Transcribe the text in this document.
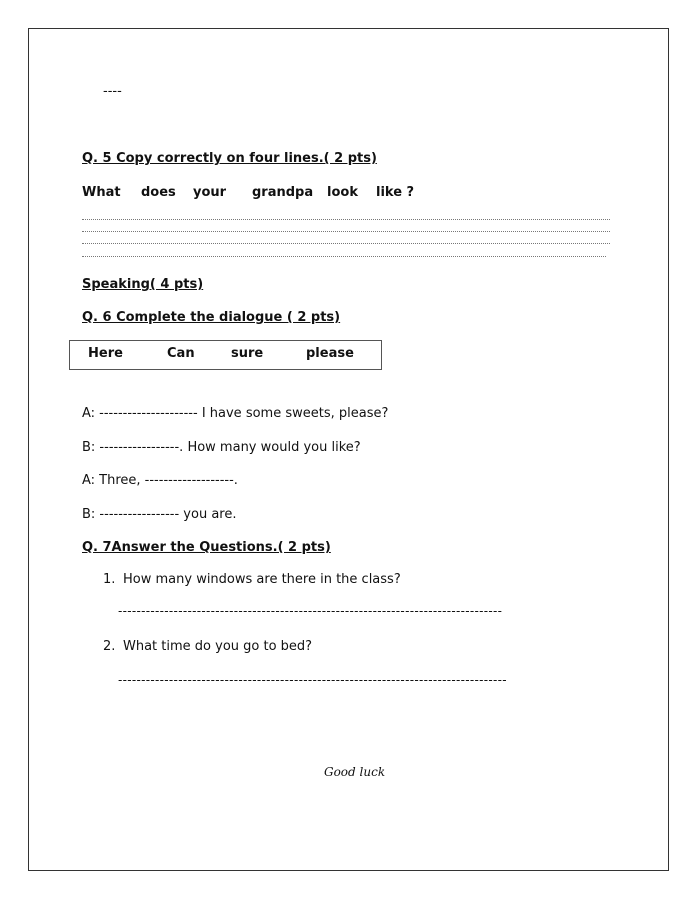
----
Q. 5 Copy correctly on four lines.( 2 pts)
What does your grandpa look like ?
Speaking( 4 pts)
Q. 6 Complete the dialogue ( 2 pts)
Here	Can	sure	please
A: --------------------- I have some sweets, please?
B: -----------------. How many would you like?
A: Three, -------------------.
B: ----------------- you are.
Q. 7Answer the Questions.( 2 pts)
1. How many windows are there in the class?
-----------------------------------------------------------------------------------
2. What time do you go to bed?
------------------------------------------------------------------------------------
Good luck
